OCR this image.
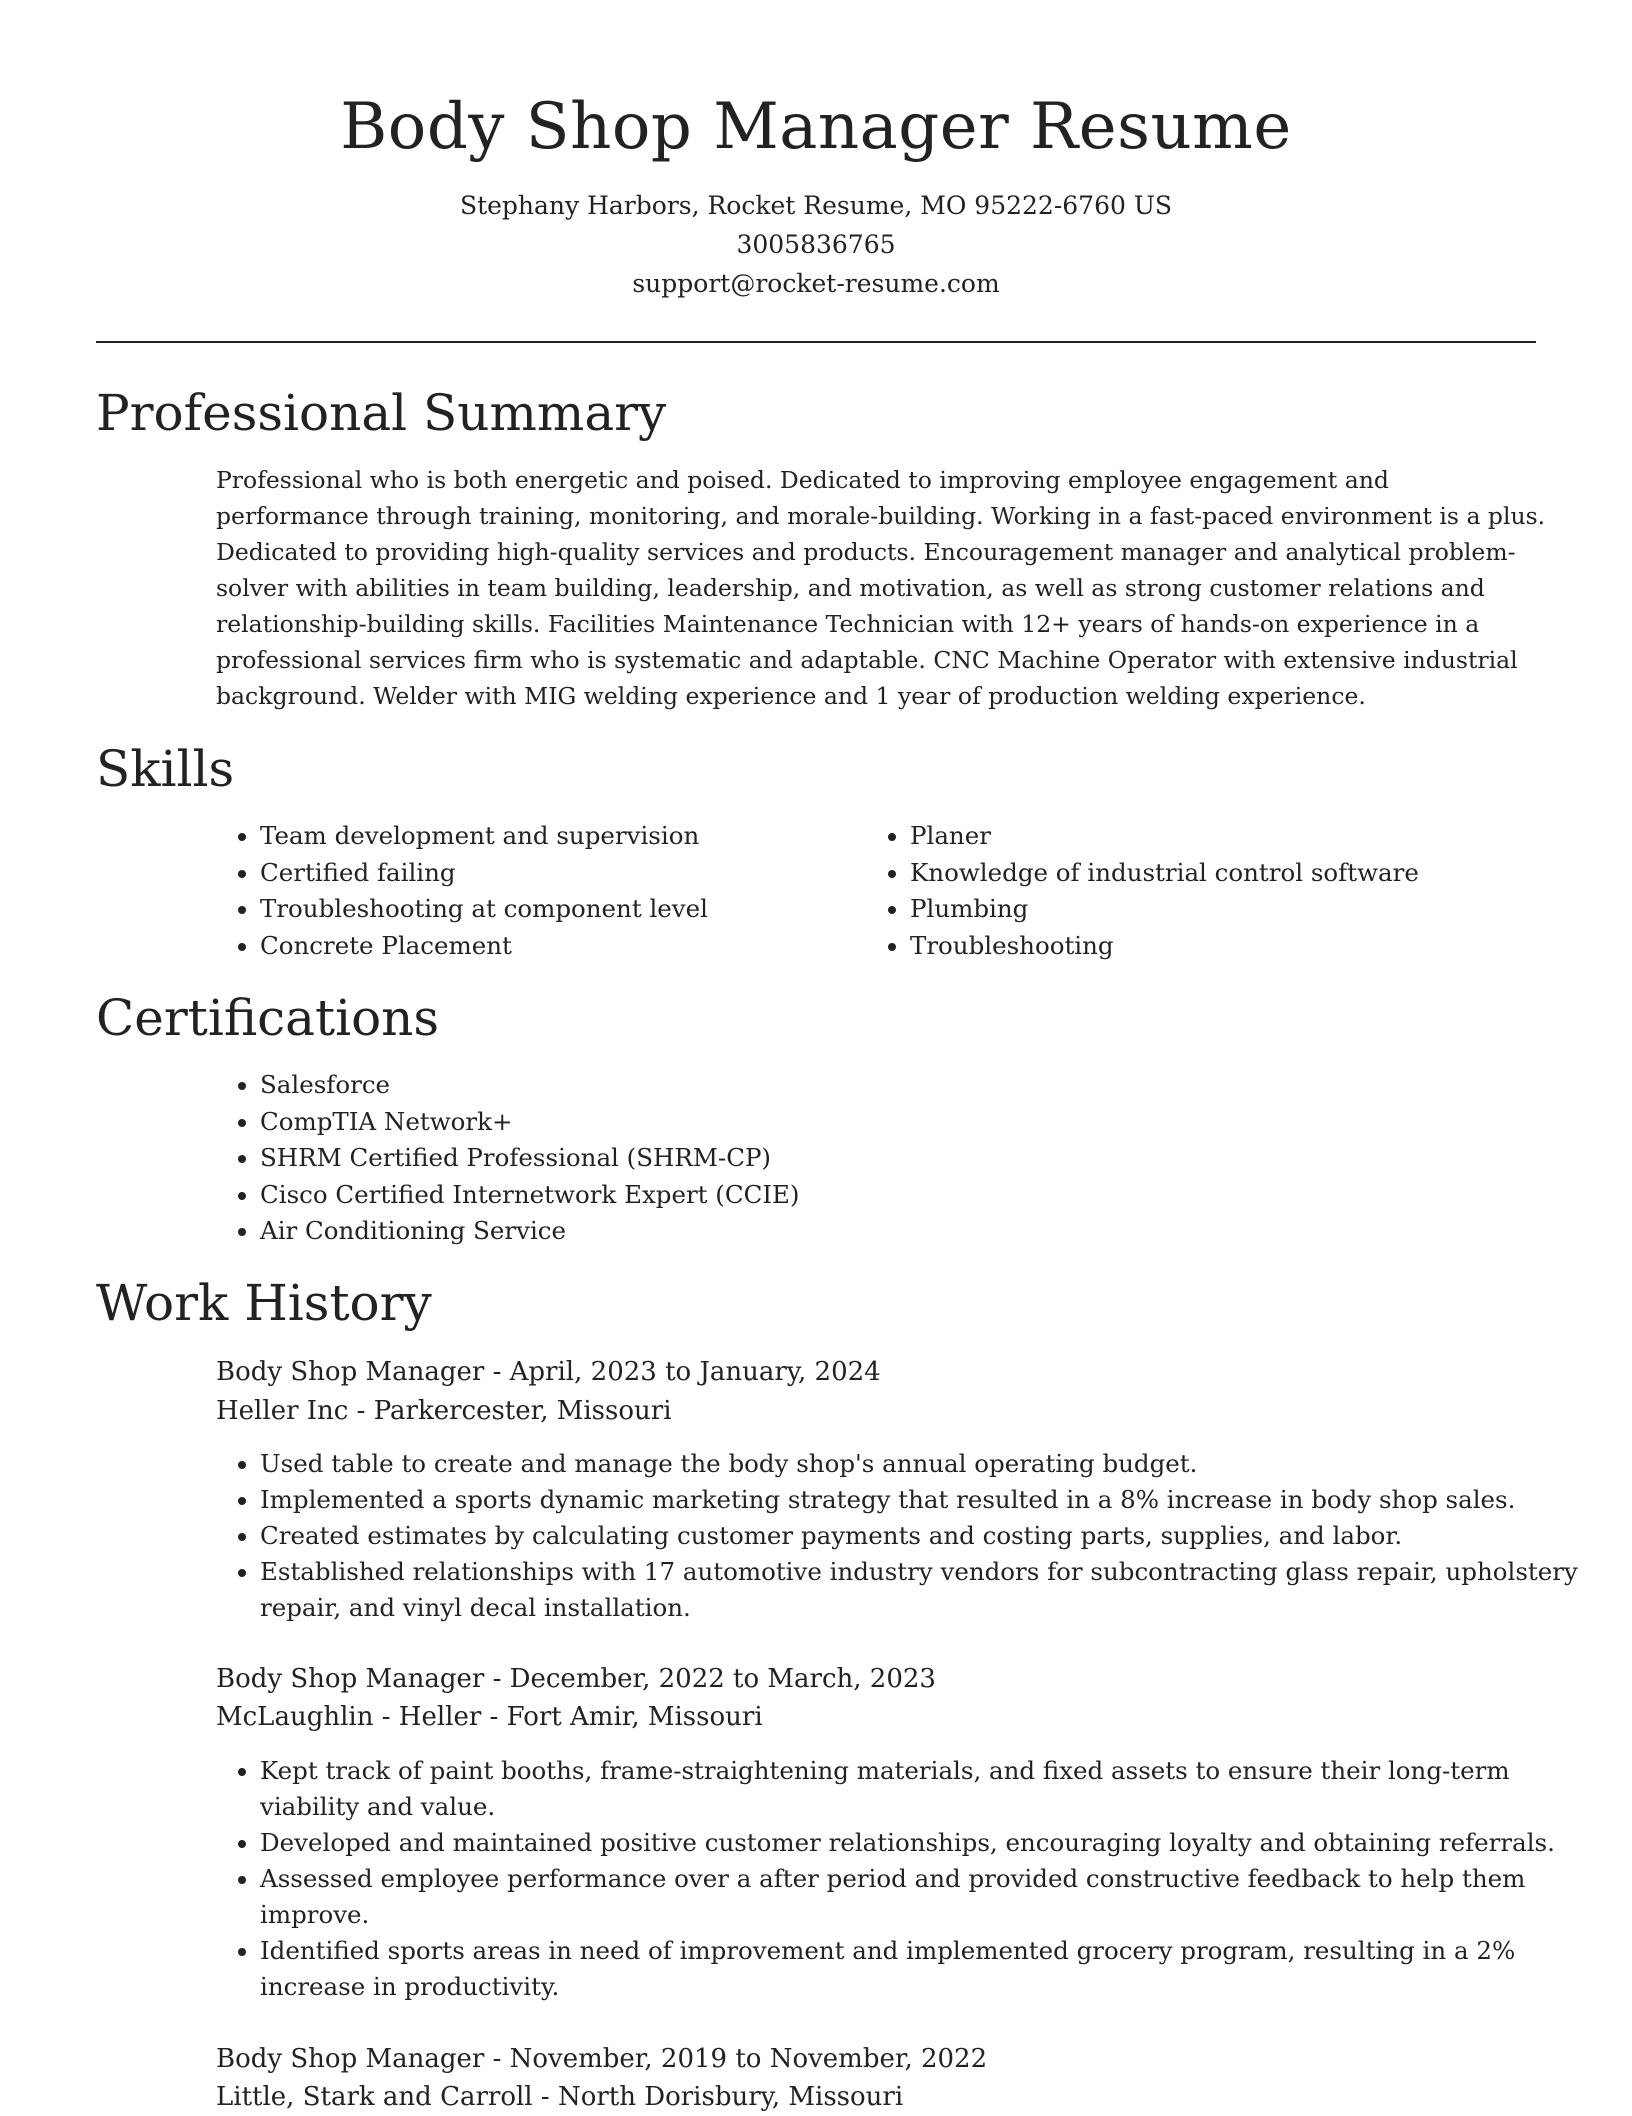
Body Shop Manager Resume

Stephany Harbors, Rocket Resume, MO 95222-6760 US

3005836765

support@rocket-resume.com

Professional Summary

Professional who is both energetic and poised. Dedicated to improving employee engagement and performance through training, monitoring, and morale-building. Working in a fast-paced environment is a plus. Dedicated to providing high-quality services and products. Encouragement manager and analytical problem-solver with abilities in team building, leadership, and motivation, as well as strong customer relations and relationship-building skills. Facilities Maintenance Technician with 12+ years of hands-on experience in a professional services firm who is systematic and adaptable. CNC Machine Operator with extensive industrial background. Welder with MIG welding experience and 1 year of production welding experience.

Skills
• Team development and supervision
• Certified failing
• Troubleshooting at component level
• Concrete Placement
• Planer
• Knowledge of industrial control software
• Plumbing
• Troubleshooting
Certifications
• Salesforce
• CompTIA Network+
• SHRM Certified Professional (SHRM-CP)
• Cisco Certified Internetwork Expert (CCIE)
• Air Conditioning Service
Work History

Body Shop Manager - April, 2023 to January, 2024

Heller Inc - Parkercester, Missouri

• Used table to create and manage the body shop's annual operating budget.
• Implemented a sports dynamic marketing strategy that resulted in a 8% increase in body shop sales.
• Created estimates by calculating customer payments and costing parts, supplies, and labor.
• Established relationships with 17 automotive industry vendors for subcontracting glass repair, upholstery repair, and vinyl decal installation.

Body Shop Manager - December, 2022 to March, 2023

McLaughlin - Heller - Fort Amir, Missouri

• Kept track of paint booths, frame-straightening materials, and fixed assets to ensure their long-term viability and value.
• Developed and maintained positive customer relationships, encouraging loyalty and obtaining referrals.
• Assessed employee performance over a after period and provided constructive feedback to help them improve.
• Identified sports areas in need of improvement and implemented grocery program, resulting in a 2% increase in productivity.

Body Shop Manager - November, 2019 to November, 2022

Little, Stark and Carroll - North Dorisbury, Missouri
